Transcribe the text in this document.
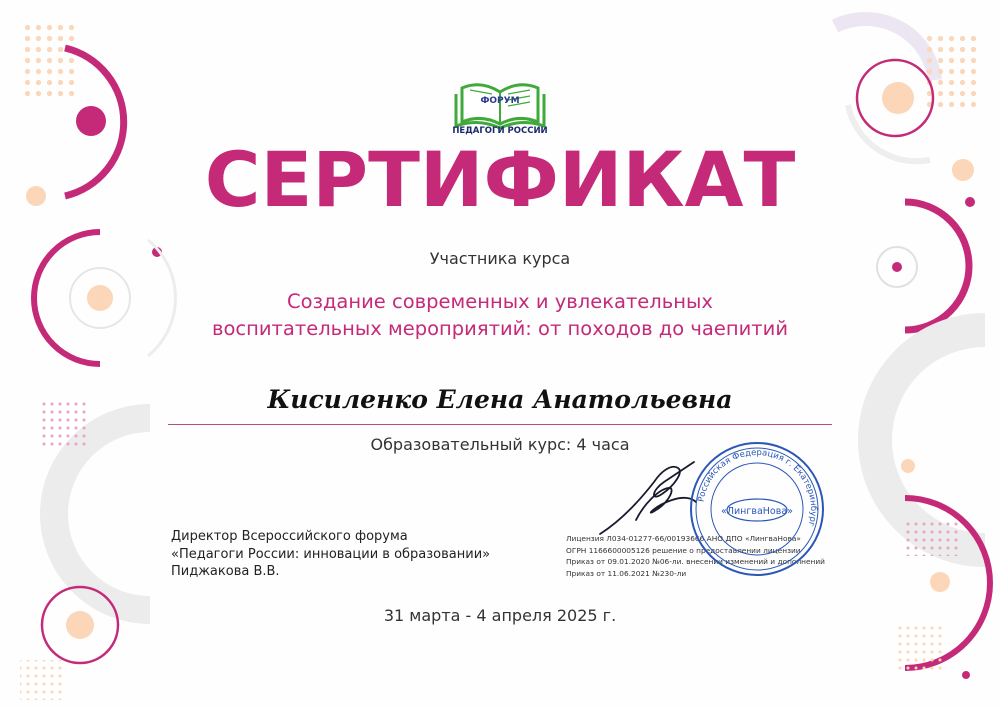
ФОРУМ
ПЕДАГОГИ РОССИИ
СЕРТИФИКАТ
Участника курса
Создание современных и увлекательных
воспитательных мероприятий: от походов до чаепитий
Кисиленко Елена Анатольевна
Образовательный курс: 4 часа
Директор Всероссийского форума
«Педагоги России: инновации в образовании»
Пиджакова В.В.
Лицензия Л034-01277-66/00193666 АНО ДПО «ЛингваНова»
ОГРН 1166600005126 решение о предоставлении лицензии
Приказ от 09.01.2020 №06-ли. внесении изменений и дополнений
Приказ от 11.06.2021 №230-ли
«ЛингваНова»
Российская Федерация г. Екатеринбург
31 марта - 4 апреля 2025 г.
